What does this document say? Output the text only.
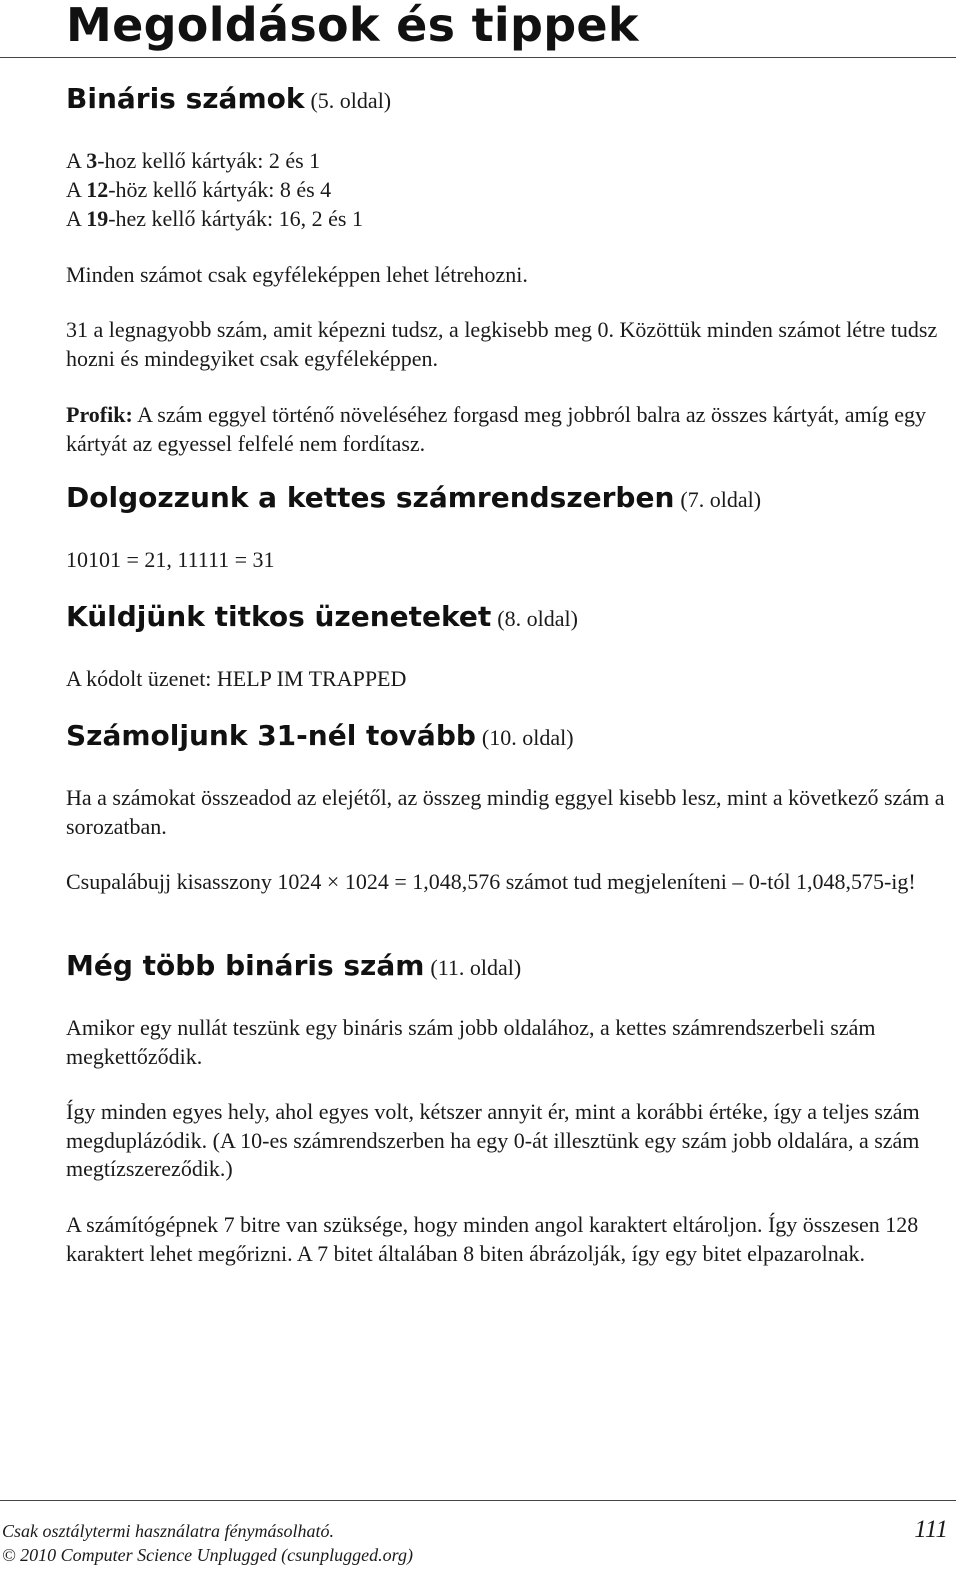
Megoldások és tippek
Bináris számok (5. oldal)

A 3-hoz kellő kártyák: 2 és 1

A 12-höz kellő kártyák: 8 és 4

A 19-hez kellő kártyák: 16, 2 és 1

Minden számot csak egyféleképpen lehet létrehozni.

31 a legnagyobb szám, amit képezni tudsz, a legkisebb meg 0. Közöttük minden számot létre tudsz hozni és mindegyiket csak egyféleképpen.

Profik: A szám eggyel történő növeléséhez forgasd meg jobbról balra az összes kártyát, amíg egy kártyát az egyessel felfelé nem fordítasz.

Dolgozzunk a kettes számrendszerben (7. oldal)

10101 = 21, 11111 = 31

Küldjünk titkos üzeneteket (8. oldal)

A kódolt üzenet: HELP IM TRAPPED

Számoljunk 31-nél tovább (10. oldal)

Ha a számokat összeadod az elejétől, az összeg mindig eggyel kisebb lesz, mint a következő szám a sorozatban.

Csupalábujj kisasszony 1024 × 1024 = 1,048,576 számot tud megjeleníteni – 0-tól 1,048,575-ig!

Még több bináris szám (11. oldal)

Amikor egy nullát teszünk egy bináris szám jobb oldalához, a kettes számrendszerbeli szám megkettőződik.

Így minden egyes hely, ahol egyes volt, kétszer annyit ér, mint a korábbi értéke, így a teljes szám megduplázódik. (A 10-es számrendszerben ha egy 0-át illesztünk egy szám jobb oldalára, a szám megtízszereződik.)

A számítógépnek 7 bitre van szüksége, hogy minden angol karaktert eltároljon. Így összesen 128 karaktert lehet megőrizni. A 7 bitet általában 8 biten ábrázolják, így egy bitet elpazarolnak.

Csak osztálytermi használatra fénymásolható.
© 2010 Computer Science Unplugged (csunplugged.org)
111
